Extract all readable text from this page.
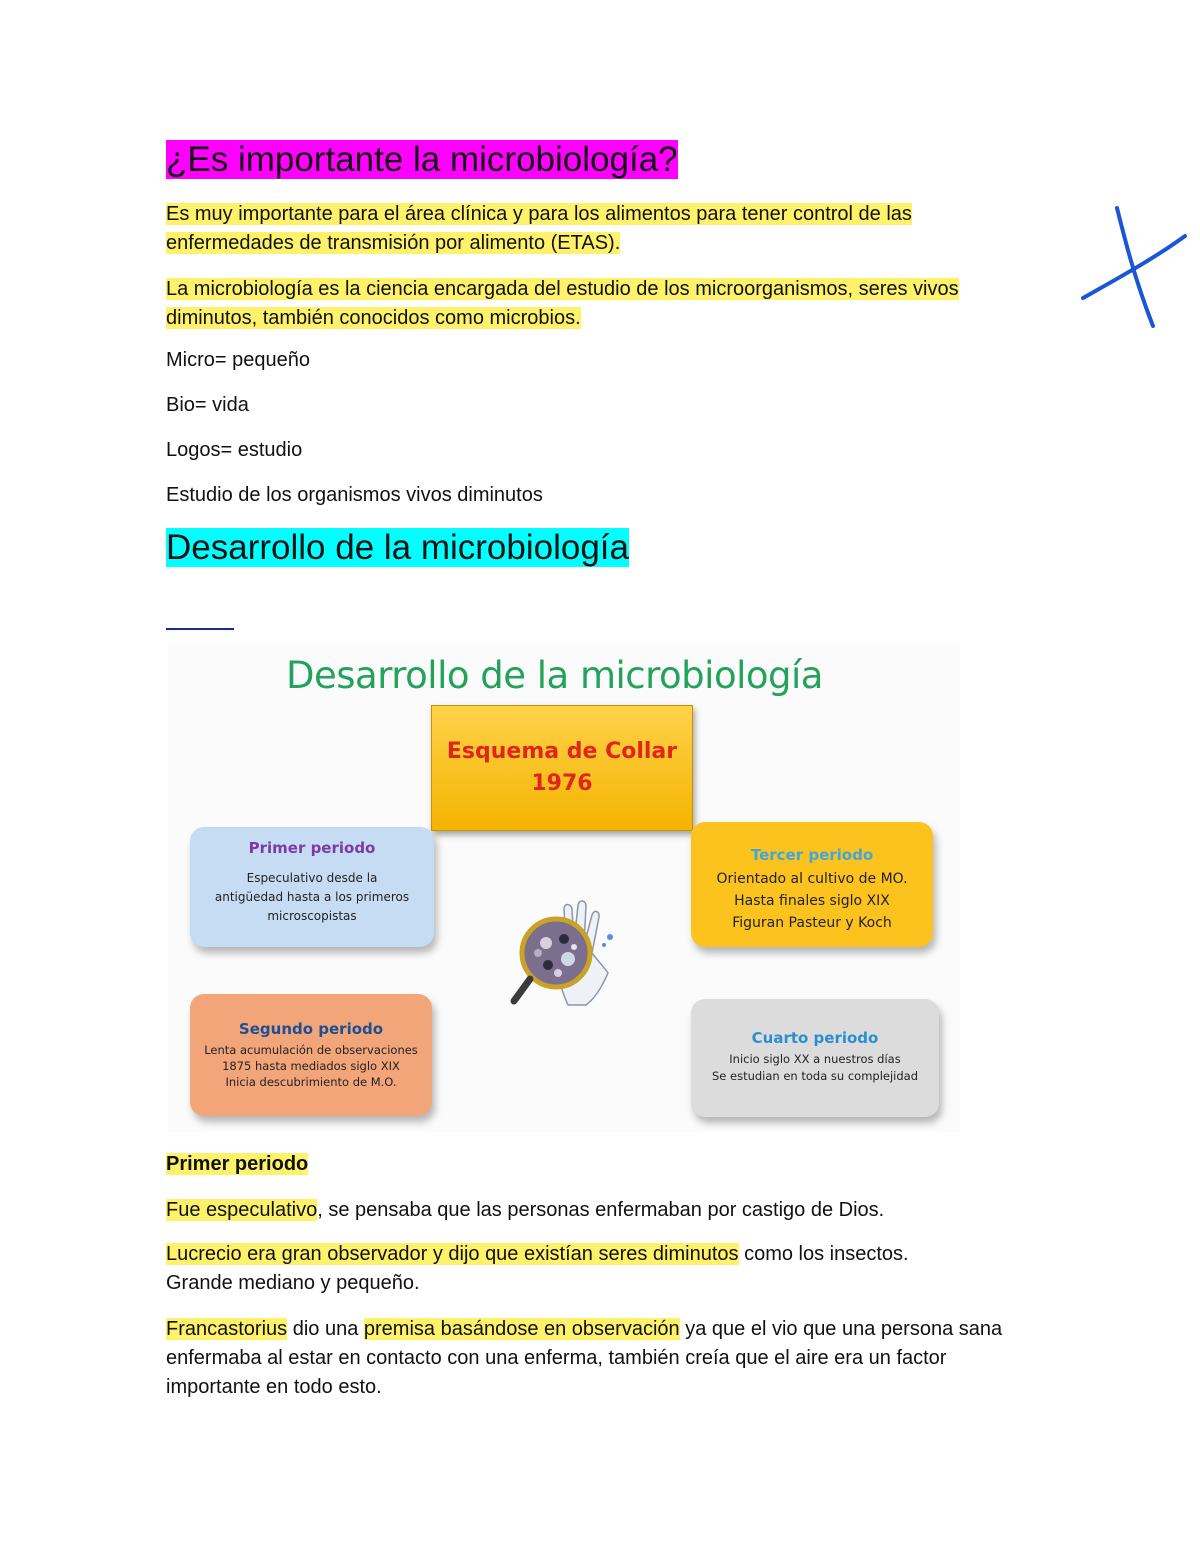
¿Es importante la microbiología?
Es muy importante para el área clínica y para los alimentos para tener control de las enfermedades de transmisión por alimento (ETAS).
La microbiología es la ciencia encargada del estudio de los microorganismos, seres vivos diminutos, también conocidos como microbios.
Micro= pequeño
Bio= vida
Logos= estudio
Estudio de los organismos vivos diminutos
Desarrollo de la microbiología
Desarrollo de la microbiología
Esquema de Collar
1976
Primer periodo
Especulativo desde la
antigüedad hasta a los primeros
microscopistas
Tercer periodo
Orientado al cultivo de MO.
Hasta finales siglo XIX
Figuran Pasteur y Koch
Segundo periodo
Lenta acumulación de observaciones
1875 hasta mediados siglo XIX
Inicia descubrimiento de M.O.
Cuarto periodo
Inicio siglo XX a nuestros días
Se estudian en toda su complejidad
Primer periodo
Fue especulativo, se pensaba que las personas enfermaban por castigo de Dios.
Lucrecio era gran observador y dijo que existían seres diminutos como los insectos. Grande mediano y pequeño.
Francastorius dio una premisa basándose en observación ya que el vio que una persona sana enfermaba al estar en contacto con una enferma, también creía que el aire era un factor importante en todo esto.
